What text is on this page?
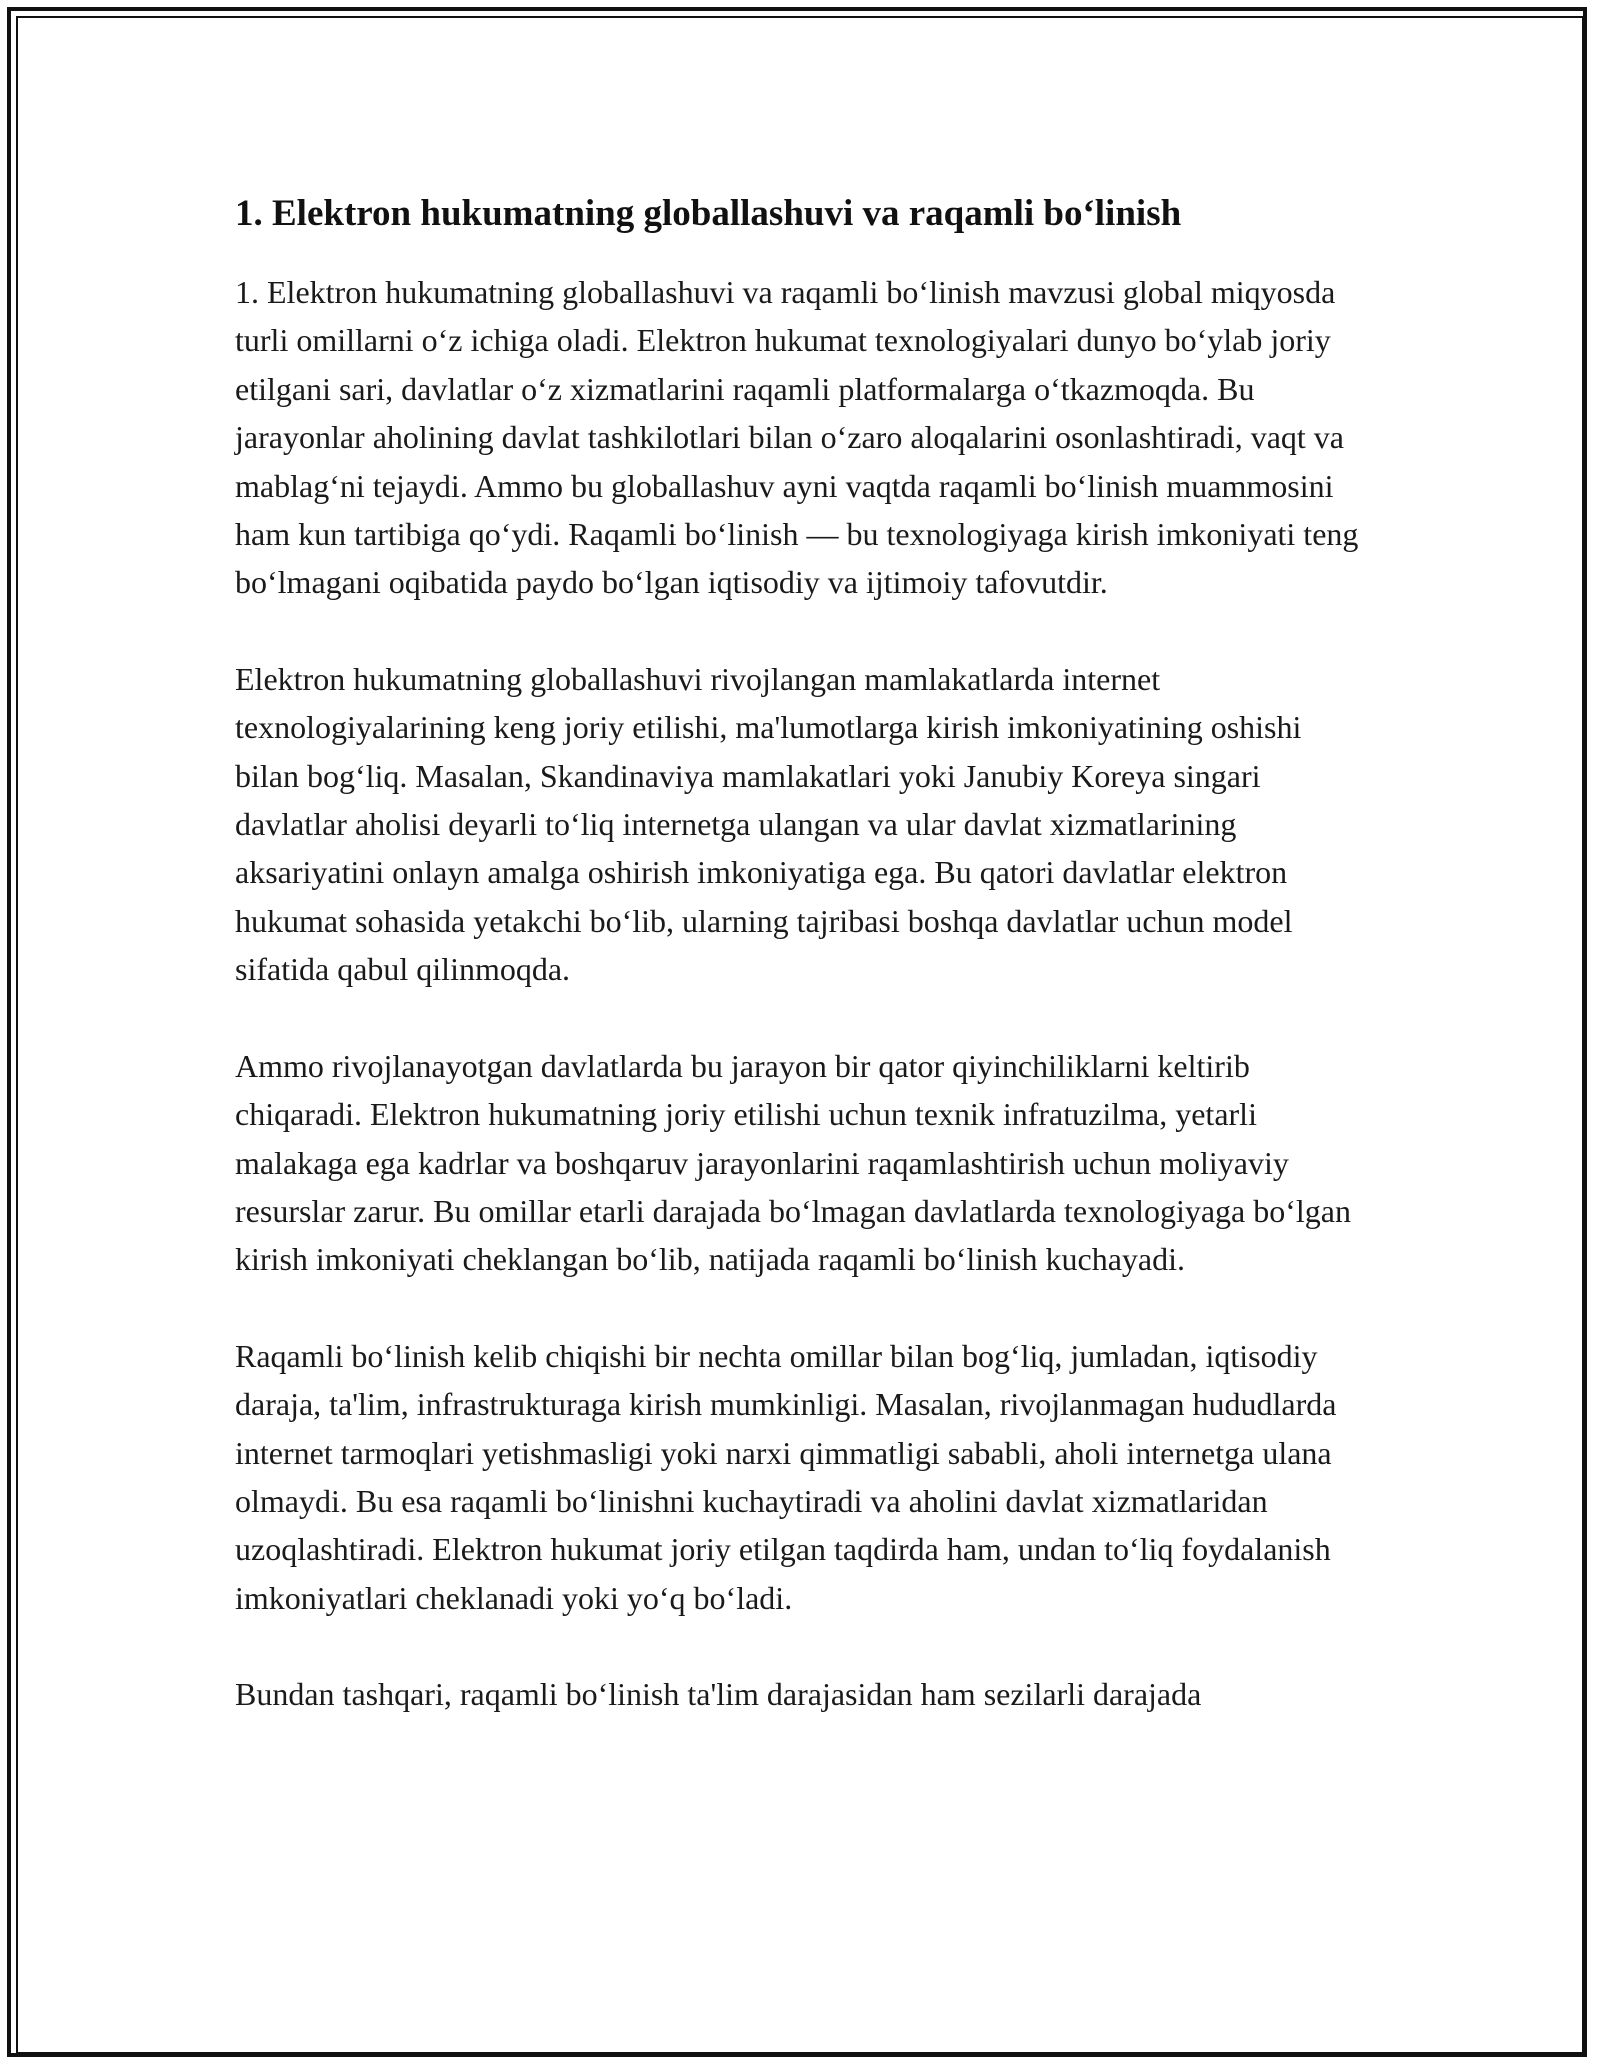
1. Elektron hukumatning globallashuvi va raqamli bo‘linish

1. Elektron hukumatning globallashuvi va raqamli bo‘linish mavzusi global miqyosda turli omillarni o‘z ichiga oladi. Elektron hukumat texnologiyalari dunyo bo‘ylab joriy etilgani sari, davlatlar o‘z xizmatlarini raqamli platformalarga o‘tkazmoqda. Bu jarayonlar aholining davlat tashkilotlari bilan o‘zaro aloqalarini osonlashtiradi, vaqt va mablag‘ni tejaydi. Ammo bu globallashuv ayni vaqtda raqamli bo‘linish muammosini ham kun tartibiga qo‘ydi. Raqamli bo‘linish — bu texnologiyaga kirish imkoniyati teng bo‘lmagani oqibatida paydo bo‘lgan iqtisodiy va ijtimoiy tafovutdir.

Elektron hukumatning globallashuvi rivojlangan mamlakatlarda internet texnologiyalarining keng joriy etilishi, ma'lumotlarga kirish imkoniyatining oshishi bilan bog‘liq. Masalan, Skandinaviya mamlakatlari yoki Janubiy Koreya singari davlatlar aholisi deyarli to‘liq internetga ulangan va ular davlat xizmatlarining aksariyatini onlayn amalga oshirish imkoniyatiga ega. Bu qatori davlatlar elektron hukumat sohasida yetakchi bo‘lib, ularning tajribasi boshqa davlatlar uchun model sifatida qabul qilinmoqda.

Ammo rivojlanayotgan davlatlarda bu jarayon bir qator qiyinchiliklarni keltirib chiqaradi. Elektron hukumatning joriy etilishi uchun texnik infratuzilma, yetarli malakaga ega kadrlar va boshqaruv jarayonlarini raqamlashtirish uchun moliyaviy resurslar zarur. Bu omillar etarli darajada bo‘lmagan davlatlarda texnologiyaga bo‘lgan kirish imkoniyati cheklangan bo‘lib, natijada raqamli bo‘linish kuchayadi.

Raqamli bo‘linish kelib chiqishi bir nechta omillar bilan bog‘liq, jumladan, iqtisodiy daraja, ta'lim, infrastrukturaga kirish mumkinligi. Masalan, rivojlanmagan hududlarda internet tarmoqlari yetishmasligi yoki narxi qimmatligi sababli, aholi internetga ulana olmaydi. Bu esa raqamli bo‘linishni kuchaytiradi va aholini davlat xizmatlaridan uzoqlashtiradi. Elektron hukumat joriy etilgan taqdirda ham, undan to‘liq foydalanish imkoniyatlari cheklanadi yoki yo‘q bo‘ladi.

Bundan tashqari, raqamli bo‘linish ta'lim darajasidan ham sezilarli darajada
